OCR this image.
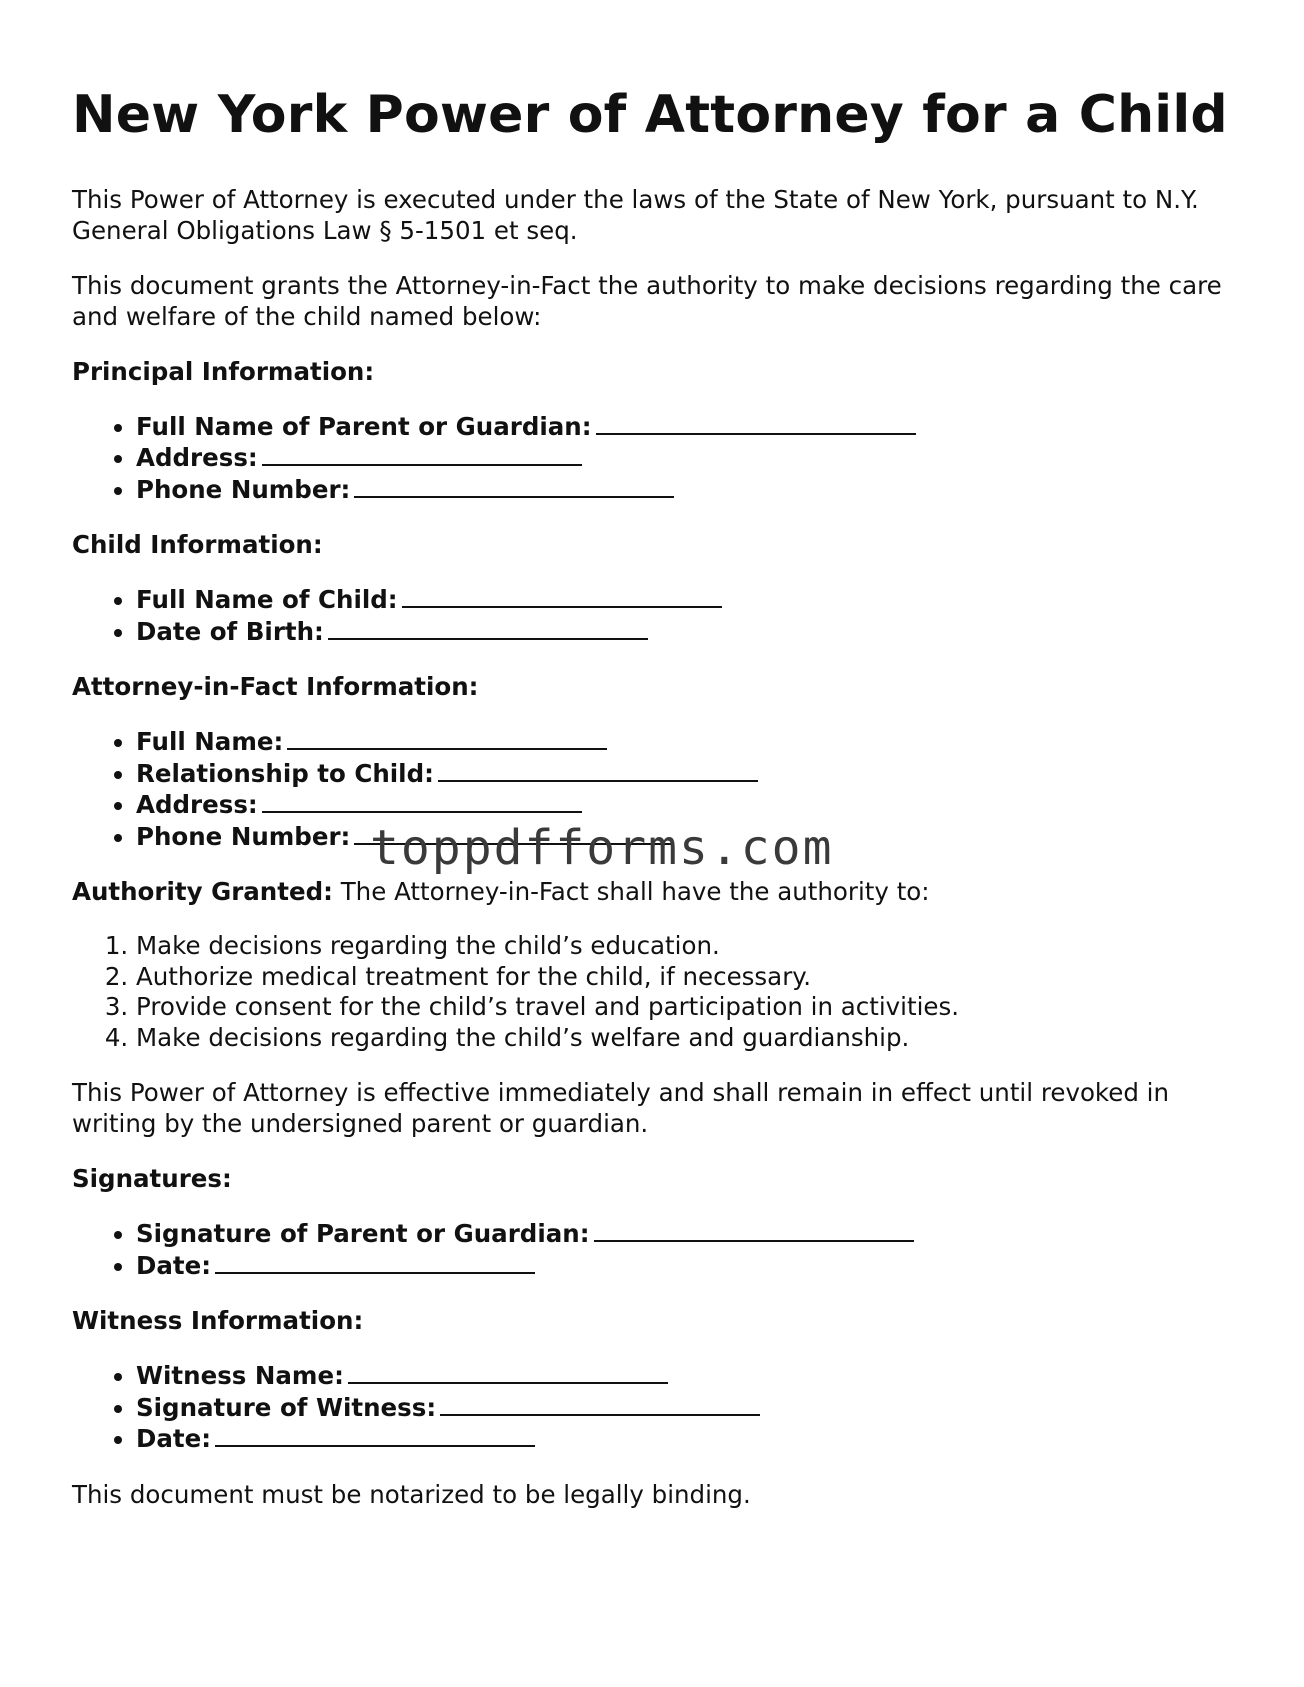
New York Power of Attorney for a Child

This Power of Attorney is executed under the laws of the State of New York, pursuant to N.Y. General Obligations Law § 5-1501 et seq.

This document grants the Attorney-in-Fact the authority to make decisions regarding the care and welfare of the child named below:

Principal Information:
• Full Name of Parent or Guardian:
• Address:
• Phone Number:
Child Information:
• Full Name of Child:
• Date of Birth:
Attorney-in-Fact Information:
• Full Name:
• Relationship to Child:
• Address:
• Phone Number:

Authority Granted: The Attorney-in-Fact shall have the authority to:

1. Make decisions regarding the child’s education.
2. Authorize medical treatment for the child, if necessary.
3. Provide consent for the child’s travel and participation in activities.
4. Make decisions regarding the child’s welfare and guardianship.

This Power of Attorney is effective immediately and shall remain in effect until revoked in writing by the undersigned parent or guardian.

Signatures:
• Signature of Parent or Guardian:
• Date:
Witness Information:
• Witness Name:
• Signature of Witness:
• Date:

This document must be notarized to be legally binding.

toppdfforms.com
